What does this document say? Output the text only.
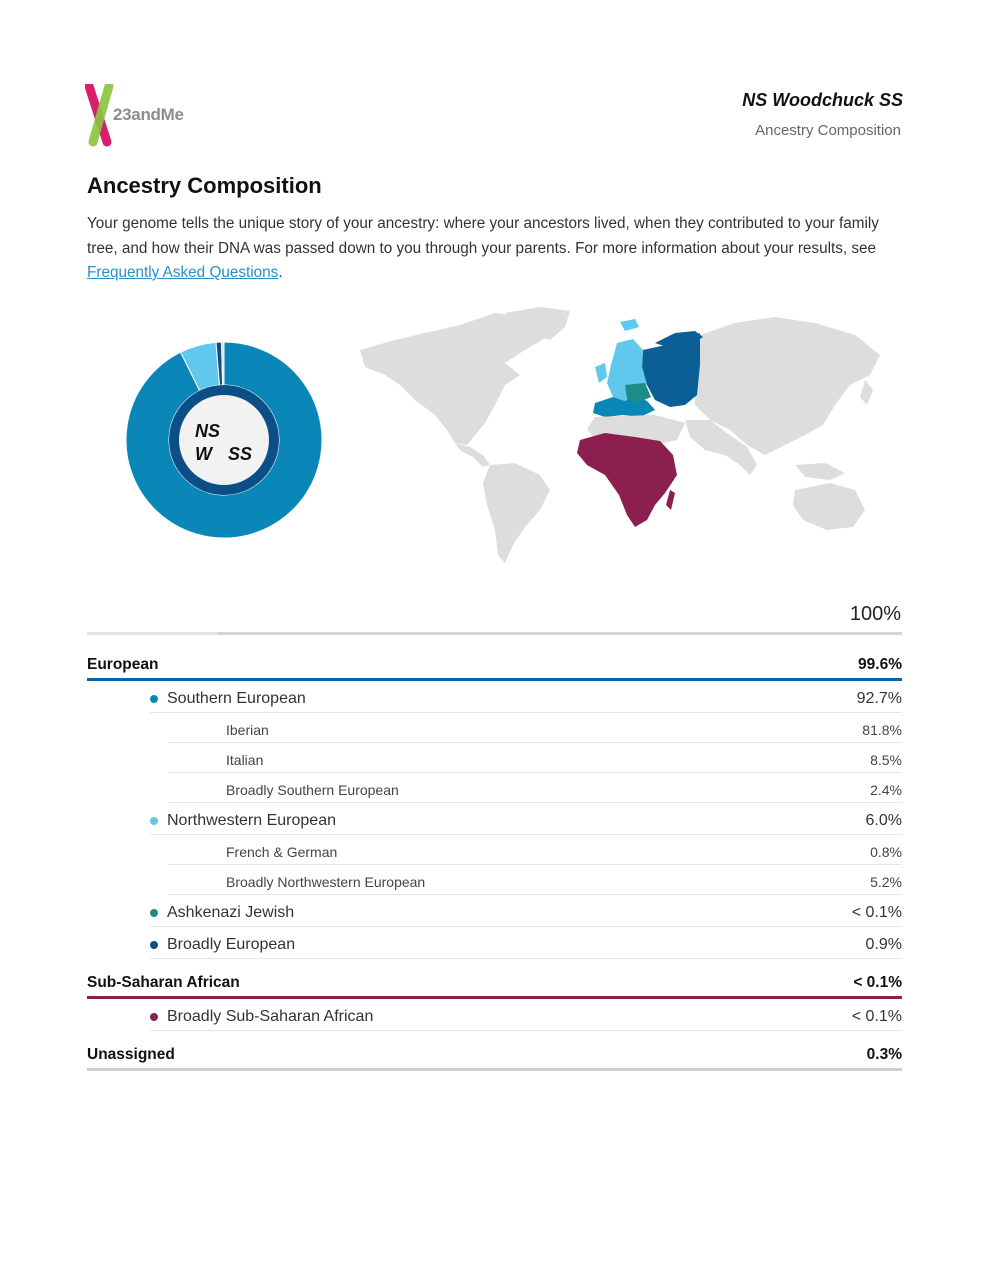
23andMe
NS Woodchuck SS
Ancestry Composition
Ancestry Composition
Your genome tells the unique story of your ancestry: where your ancestors lived, when they contributed to your family tree, and how their DNA was passed down to you through your parents. For more information about your results, see Frequently Asked Questions.
NS
W SS
100%
European	99.6%
Southern European	92.7%
Iberian	81.8%
Italian	8.5%
Broadly Southern European	2.4%
Northwestern European	6.0%
French & German	0.8%
Broadly Northwestern European	5.2%
Ashkenazi Jewish	< 0.1%
Broadly European	0.9%
Sub-Saharan African	< 0.1%
Broadly Sub-Saharan African	< 0.1%
Unassigned	0.3%
